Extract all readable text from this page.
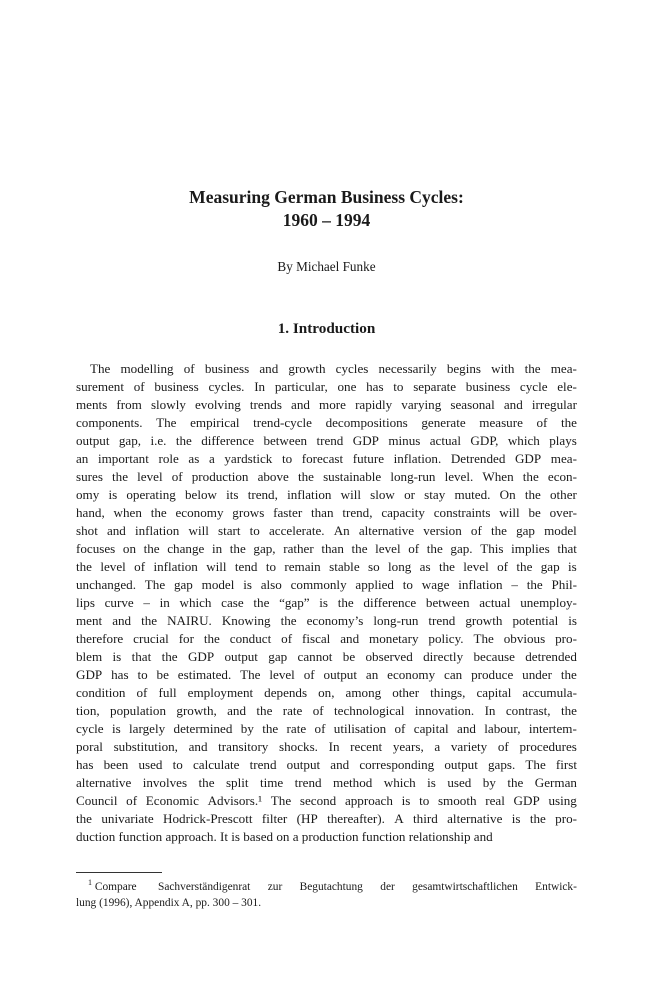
Measuring German Business Cycles:
1960 – 1994
By Michael Funke
1. Introduction
The modelling of business and growth cycles necessarily begins with the mea-
surement of business cycles. In particular, one has to separate business cycle ele-
ments from slowly evolving trends and more rapidly varying seasonal and irregular
components. The empirical trend-cycle decompositions generate measure of the
output gap, i.e. the difference between trend GDP minus actual GDP, which plays
an important role as a yardstick to forecast future inflation. Detrended GDP mea-
sures the level of production above the sustainable long-run level. When the econ-
omy is operating below its trend, inflation will slow or stay muted. On the other
hand, when the economy grows faster than trend, capacity constraints will be over-
shot and inflation will start to accelerate. An alternative version of the gap model
focuses on the change in the gap, rather than the level of the gap. This implies that
the level of inflation will tend to remain stable so long as the level of the gap is
unchanged. The gap model is also commonly applied to wage inflation – the Phil-
lips curve – in which case the “gap” is the difference between actual unemploy-
ment and the NAIRU. Knowing the economy’s long-run trend growth potential is
therefore crucial for the conduct of fiscal and monetary policy. The obvious pro-
blem is that the GDP output gap cannot be observed directly because detrended
GDP has to be estimated. The level of output an economy can produce under the
condition of full employment depends on, among other things, capital accumula-
tion, population growth, and the rate of technological innovation. In contrast, the
cycle is largely determined by the rate of utilisation of capital and labour, intertem-
poral substitution, and transitory shocks. In recent years, a variety of procedures
has been used to calculate trend output and corresponding output gaps. The first
alternative involves the split time trend method which is used by the German
Council of Economic Advisors.¹ The second approach is to smooth real GDP using
the univariate Hodrick-Prescott filter (HP thereafter). A third alternative is the pro-
duction function approach. It is based on a production function relationship and
$^1$ Compare Sachverständigenrat zur Begutachtung der gesamtwirtschaftlichen Entwick-
lung (1996), Appendix A, pp. 300 – 301.
